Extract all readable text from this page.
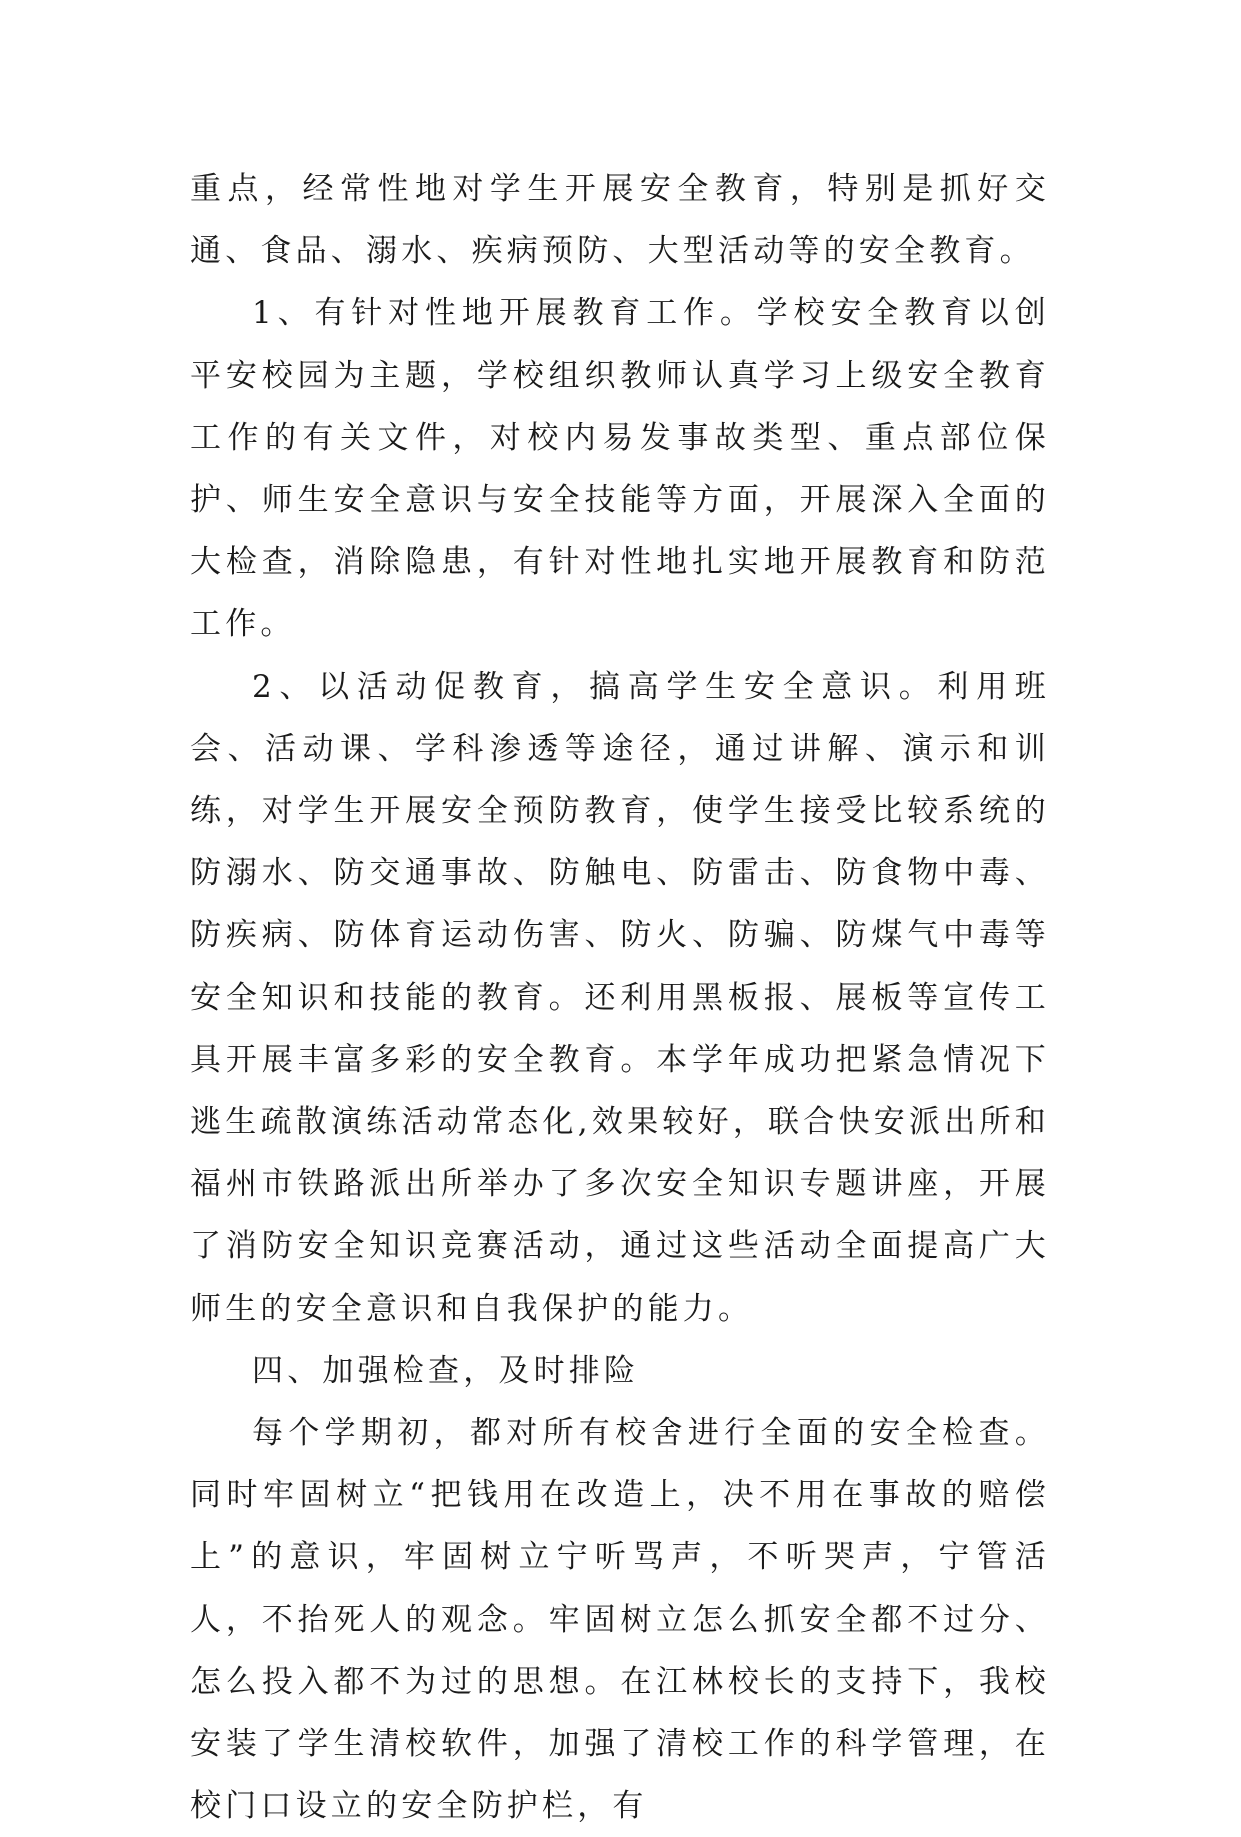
重点，经常性地对学生开展安全教育，特别是抓好交通、食品、溺水、疾病预防、大型活动等的安全教育。

1、有针对性地开展教育工作。学校安全教育以创平安校园为主题，学校组织教师认真学习上级安全教育工作的有关文件，对校内易发事故类型、重点部位保护、师生安全意识与安全技能等方面，开展深入全面的大检查，消除隐患，有针对性地扎实地开展教育和防范工作。

2、以活动促教育，搞高学生安全意识。利用班会、活动课、学科渗透等途径，通过讲解、演示和训练，对学生开展安全预防教育，使学生接受比较系统的防溺水、防交通事故、防触电、防雷击、防食物中毒、防疾病、防体育运动伤害、防火、防骗、防煤气中毒等安全知识和技能的教育。还利用黑板报、展板等宣传工具开展丰富多彩的安全教育。本学年成功把紧急情况下逃生疏散演练活动常态化,效果较好，联合快安派出所和福州市铁路派出所举办了多次安全知识专题讲座，开展了消防安全知识竞赛活动，通过这些活动全面提高广大师生的安全意识和自我保护的能力。

四、加强检查，及时排险

每个学期初，都对所有校舍进行全面的安全检查。同时牢固树立“把钱用在改造上，决不用在事故的赔偿上”的意识，牢固树立宁听骂声，不听哭声，宁管活人，不抬死人的观念。牢固树立怎么抓安全都不过分、怎么投入都不为过的思想。在江林校长的支持下，我校安装了学生清校软件，加强了清校工作的科学管理，在校门口设立的安全防护栏，有
